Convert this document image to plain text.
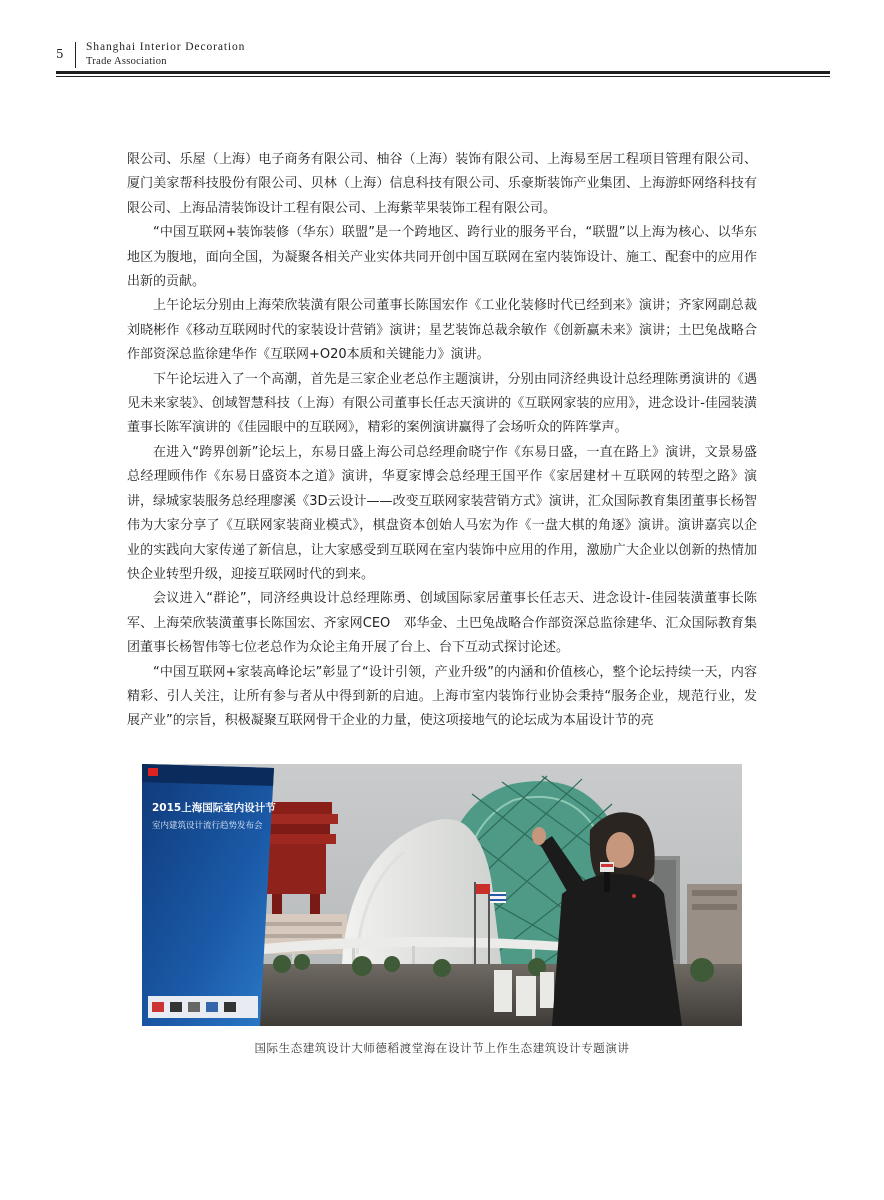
5 Shanghai Interior Decoration
Trade Association

限公司、乐屋（上海）电子商务有限公司、柚谷（上海）装饰有限公司、上海易至居工程项目管理有限公司、厦门美家帮科技股份有限公司、贝林（上海）信息科技有限公司、乐豪斯装饰产业集团、上海游虾网络科技有限公司、上海品清装饰设计工程有限公司、上海紫苹果装饰工程有限公司。

“中国互联网+装饰装修（华东）联盟”是一个跨地区、跨行业的服务平台，“联盟”以上海为核心、以华东地区为腹地，面向全国，为凝聚各相关产业实体共同开创中国互联网在室内装饰设计、施工、配套中的应用作出新的贡献。

上午论坛分别由上海荣欣装潢有限公司董事长陈国宏作《工业化装修时代已经到来》演讲；齐家网副总裁刘晓彬作《移动互联网时代的家装设计营销》演讲；星艺装饰总裁余敏作《创新赢未来》演讲；土巴兔战略合作部资深总监徐建华作《互联网+O20本质和关键能力》演讲。

下午论坛进入了一个高潮，首先是三家企业老总作主题演讲，分别由同济经典设计总经理陈勇演讲的《遇见未来家装》、创域智慧科技（上海）有限公司董事长任志天演讲的《互联网家装的应用》，进念设计-佳园装潢董事长陈军演讲的《佳园眼中的互联网》，精彩的案例演讲赢得了会场听众的阵阵掌声。

在进入“跨界创新”论坛上，东易日盛上海公司总经理俞晓宁作《东易日盛，一直在路上》演讲，文景易盛总经理顾伟作《东易日盛资本之道》演讲，华夏家博会总经理王国平作《家居建材＋互联网的转型之路》演讲，绿城家装服务总经理廖溪《3D云设计——改变互联网家装营销方式》演讲，汇众国际教育集团董事长杨智伟为大家分享了《互联网家装商业模式》，棋盘资本创始人马宏为作《一盘大棋的角逐》演讲。演讲嘉宾以企业的实践向大家传递了新信息，让大家感受到互联网在室内装饰中应用的作用，激励广大企业以创新的热情加快企业转型升级，迎接互联网时代的到来。

会议进入“群论”，同济经典设计总经理陈勇、创域国际家居董事长任志天、进念设计-佳园装潢董事长陈军、上海荣欣装潢董事长陈国宏、齐家网CEO　邓华金、土巴兔战略合作部资深总监徐建华、汇众国际教育集团董事长杨智伟等七位老总作为众论主角开展了台上、台下互动式探讨论述。

“中国互联网+家装高峰论坛”彰显了“设计引领，产业升级”的内涵和价值核心，整个论坛持续一天，内容精彩、引人关注，让所有参与者从中得到新的启迪。上海市室内装饰行业协会秉持“服务企业，规范行业，发展产业”的宗旨，积极凝聚互联网骨干企业的力量，使这项接地气的论坛成为本届设计节的亮

2015上海国际室内设计节
室内建筑设计流行趋势发布会
国际生态建筑设计大师德稻渡堂海在设计节上作生态建筑设计专题演讲
